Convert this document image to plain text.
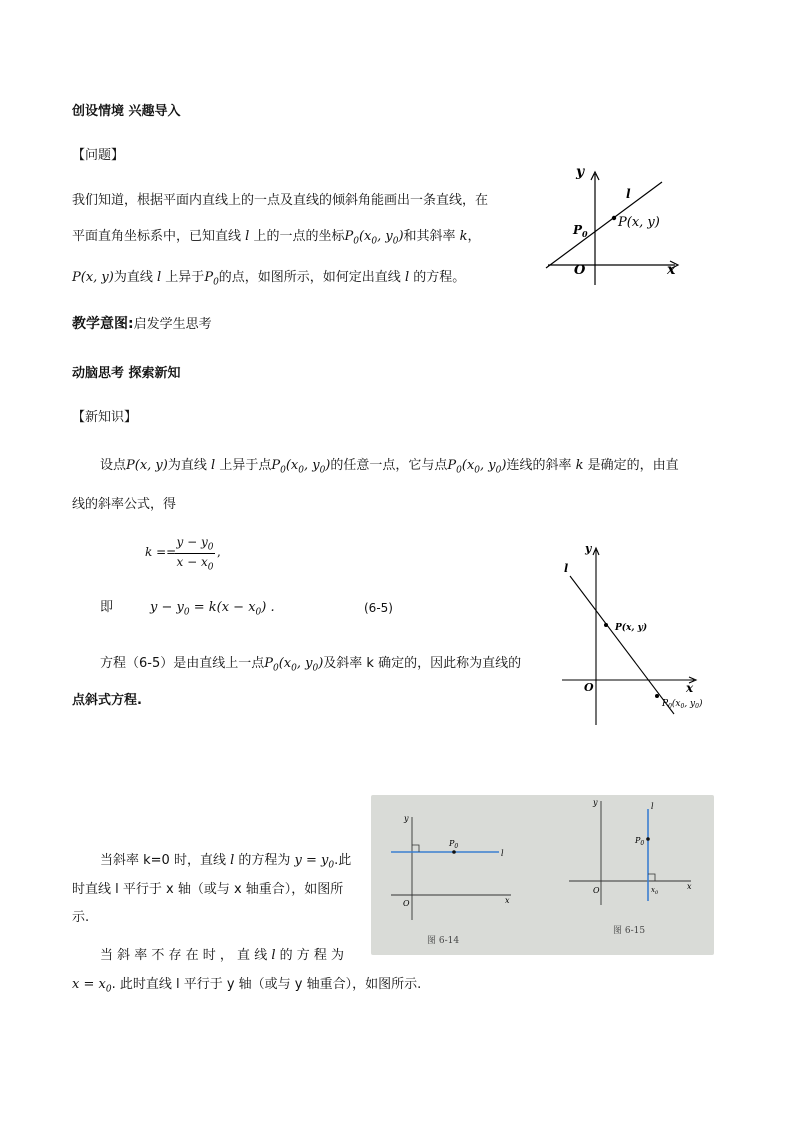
创设情境 兴趣导入
【问题】
我们知道，根据平面内直线上的一点及直线的倾斜角能画出一条直线，在
平面直角坐标系中，已知直线 l 上的一点的坐标$P_0(x_0$, $y_0$)和其斜率 k，
P(x, y)为直线 l 上异于$P_0$的点，如图所示，如何定出直线 l 的方程。
y
x
O
l
$P_0$
P(x, y)
教学意图:启发学生思考
动脑思考 探索新知
【新知识】
设点P(x, y)为直线 l 上异于点$P_0(x_0$, $y_0$)的任意一点，它与点$P_0(x_0$, $y_0$)连线的斜率 k 是确定的，由直
线的斜率公式，得
k ==
$y - y_0$
$x - x_0$
,
即	$y - y_0 = k(x - x_0)$ .	(6-5)
方程（6-5）是由直线上一点$P_0(x_0$, $y_0$)及斜率 k 确定的，因此称为直线的
点斜式方程.
y
x
O
l
P(x, y)
$P_0(x_0$, $y_0$)
当斜率 k=0 时，直线 l 的方程为 $y = y_0$.此
时直线 l 平行于 x 轴（或与 x 轴重合），如图所
示.
当 斜 率 不 存 在 时 ， 直 线 l 的 方 程 为
$x = x_0$. 此时直线 l 平行于 y 轴（或与 y 轴重合），如图所示.
y
x
O
l
$P_0$
图 6-14
y
x
O
l
$P_0$
$x_0$
图 6-15
